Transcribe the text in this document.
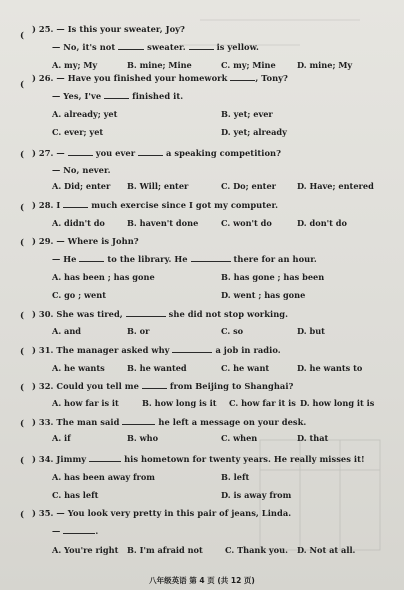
(
) 25. — Is this your sweater, Joy?
— No, it's not	sweater.	is yellow.
A. my; My	B. mine; Mine	C. my; Mine	D. mine; My
(
) 26. — Have you finished your homework	, Tony?
— Yes, I've	finished it.
A. already; yet	B. yet; ever
C. ever; yet	D. yet; already
( ) 27. —	you ever	a speaking competition?
— No, never.
A. Did; enter B. Will; enter	C. Do; enter	D. Have; entered
( ) 28. I	much exercise since I got my computer.
A. didn't do	B. haven't done	C. won't do	D. don't do
( ) 29. — Where is John?
— He	to the library. He	there for an hour.
A. has been ; has gone	B. has gone ; has been
C. go ; went	D. went ; has gone
( ) 30. She was tired,	she did not stop working.
A. and	B. or	C. so	D. but
( ) 31. The manager asked why	a job in radio.
A. he wants	B. he wanted	C. he want	D. he wants to
( ) 32. Could you tell me	from Beijing to Shanghai?
A. how far is it	B. how long is it C. how far it is D. how long it is
( ) 33. The man said	he left a message on your desk.
A. if	B. who	C. when	D. that
( ) 34. Jimmy	his hometown for twenty years. He really misses it!
A. has been away from	B. left
C. has left	D. is away from
( ) 35. — You look very pretty in this pair of jeans, Linda.
—	.
A. You're right B. I'm afraid not	C. Thank you. D. Not at all.
八年级英语 第 4 页 (共 12 页)
